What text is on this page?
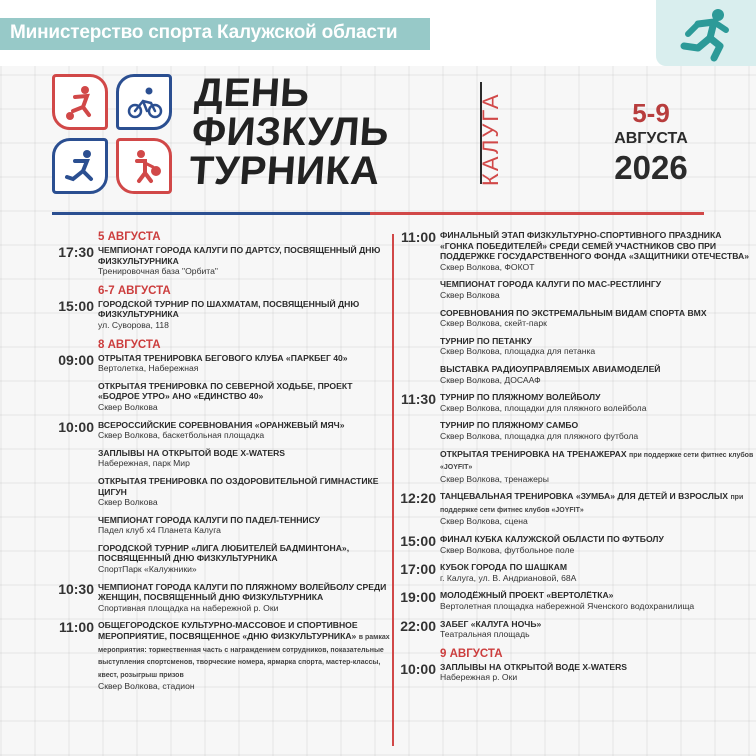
Министерство спорта Калужской области
ДЕНЬ
ФИЗКУЛЬ
ТУРНИКА	КАЛУГА	5-9
АВГУСТА
2026
5 АВГУСТА
17:30 ЧЕМПИОНАТ ГОРОДА КАЛУГИ ПО ДАРТСУ, ПОСВЯЩЕННЫЙ ДНЮ ФИЗКУЛЬТУРНИКА
Тренировочная база "Орбита"
6-7 АВГУСТА
15:00 ГОРОДСКОЙ ТУРНИР ПО ШАХМАТАМ, ПОСВЯЩЕННЫЙ ДНЮ ФИЗКУЛЬТУРНИКА
ул. Суворова, 118
8 АВГУСТА
09:00 ОТРЫТАЯ ТРЕНИРОВКА БЕГОВОГО КЛУБА «ПАРКБЕГ 40»
Вертолетка, Набережная
ОТКРЫТАЯ ТРЕНИРОВКА ПО СЕВЕРНОЙ ХОДЬБЕ, ПРОЕКТ «БОДРОЕ УТРО» АНО «ЕДИНСТВО 40»
Сквер Волкова
10:00 ВСЕРОССИЙСКИЕ СОРЕВНОВАНИЯ «ОРАНЖЕВЫЙ МЯЧ»
Сквер Волкова, баскетбольная площадка
ЗАПЛЫВЫ НА ОТКРЫТОЙ ВОДЕ X-WATERS
Набережная, парк Мир
ОТКРЫТАЯ ТРЕНИРОВКА ПО ОЗДОРОВИТЕЛЬНОЙ ГИМНАСТИКЕ ЦИГУН
Сквер Волкова
ЧЕМПИОНАТ ГОРОДА КАЛУГИ ПО ПАДЕЛ-ТЕННИСУ
Падел клуб х4 Планета Калуга
ГОРОДСКОЙ ТУРНИР «ЛИГА ЛЮБИТЕЛЕЙ БАДМИНТОНА», ПОСВЯЩЕННЫЙ ДНЮ ФИЗКУЛЬТУРНИКА
СпортПарк «Калужники»
10:30 ЧЕМПИОНАТ ГОРОДА КАЛУГИ ПО ПЛЯЖНОМУ ВОЛЕЙБОЛУ СРЕДИ ЖЕНЩИН, ПОСВЯЩЕННЫЙ ДНЮ ФИЗКУЛЬТУРНИКА
Спортивная площадка на набережной р. Оки
11:00 ОБЩЕГОРОДСКОЕ КУЛЬТУРНО-МАССОВОЕ И СПОРТИВНОЕ МЕРОПРИЯТИЕ, ПОСВЯЩЕННОЕ «ДНЮ ФИЗКУЛЬТУРНИКА» в рамках мероприятия: торжественная часть с награждением сотрудников, показательные выступления спортсменов, творческие номера, ярмарка спорта, мастер-классы, квест, розыгрыш призов
Сквер Волкова, стадион
11:00 ФИНАЛЬНЫЙ ЭТАП ФИЗКУЛЬТУРНО-СПОРТИВНОГО ПРАЗДНИКА «ГОНКА ПОБЕДИТЕЛЕЙ» СРЕДИ СЕМЕЙ УЧАСТНИКОВ СВО ПРИ ПОДДЕРЖКЕ ГОСУДАРСТВЕННОГО ФОНДА «ЗАЩИТНИКИ ОТЕЧЕСТВА»
Сквер Волкова, ФОКОТ
ЧЕМПИОНАТ ГОРОДА КАЛУГИ ПО MAC-РЕСТЛИНГУ
Сквер Волкова
СОРЕВНОВАНИЯ ПО ЭКСТРЕМАЛЬНЫМ ВИДАМ СПОРТА BMX
Сквер Волкова, скейт-парк
ТУРНИР ПО ПЕТАНКУ
Сквер Волкова, площадка для петанка
ВЫСТАВКА РАДИОУПРАВЛЯЕМЫХ АВИАМОДЕЛЕЙ
Сквер Волкова, ДОСААФ
11:30 ТУРНИР ПО ПЛЯЖНОМУ ВОЛЕЙБОЛУ
Сквер Волкова, площадки для пляжного волейбола
ТУРНИР ПО ПЛЯЖНОМУ САМБО
Сквер Волкова, площадка для пляжного футбола
ОТКРЫТАЯ ТРЕНИРОВКА НА ТРЕНАЖЕРАХ при поддержке сети фитнес клубов «JOYFIT»
Сквер Волкова, тренажеры
12:20 ТАНЦЕВАЛЬНАЯ ТРЕНИРОВКА «ЗУМБА» ДЛЯ ДЕТЕЙ И ВЗРОСЛЫХ при поддержке сети фитнес клубов «JOYFIT»
Сквер Волкова, сцена
15:00 ФИНАЛ КУБКА КАЛУЖСКОЙ ОБЛАСТИ ПО ФУТБОЛУ
Сквер Волкова, футбольное поле
17:00 КУБОК ГОРОДА ПО ШАШКАМ
г. Калуга, ул. В. Андриановой, 68А
19:00 МОЛОДЁЖНЫЙ ПРОЕКТ «ВЕРТОЛЁТКА»
Вертолетная площадка набережной Яченского водохранилища
22:00 ЗАБЕГ «КАЛУГА НОЧЬ»
Театральная площадь
9 АВГУСТА
10:00 ЗАПЛЫВЫ НА ОТКРЫТОЙ ВОДЕ X-WATERS
Набережная р. Оки
